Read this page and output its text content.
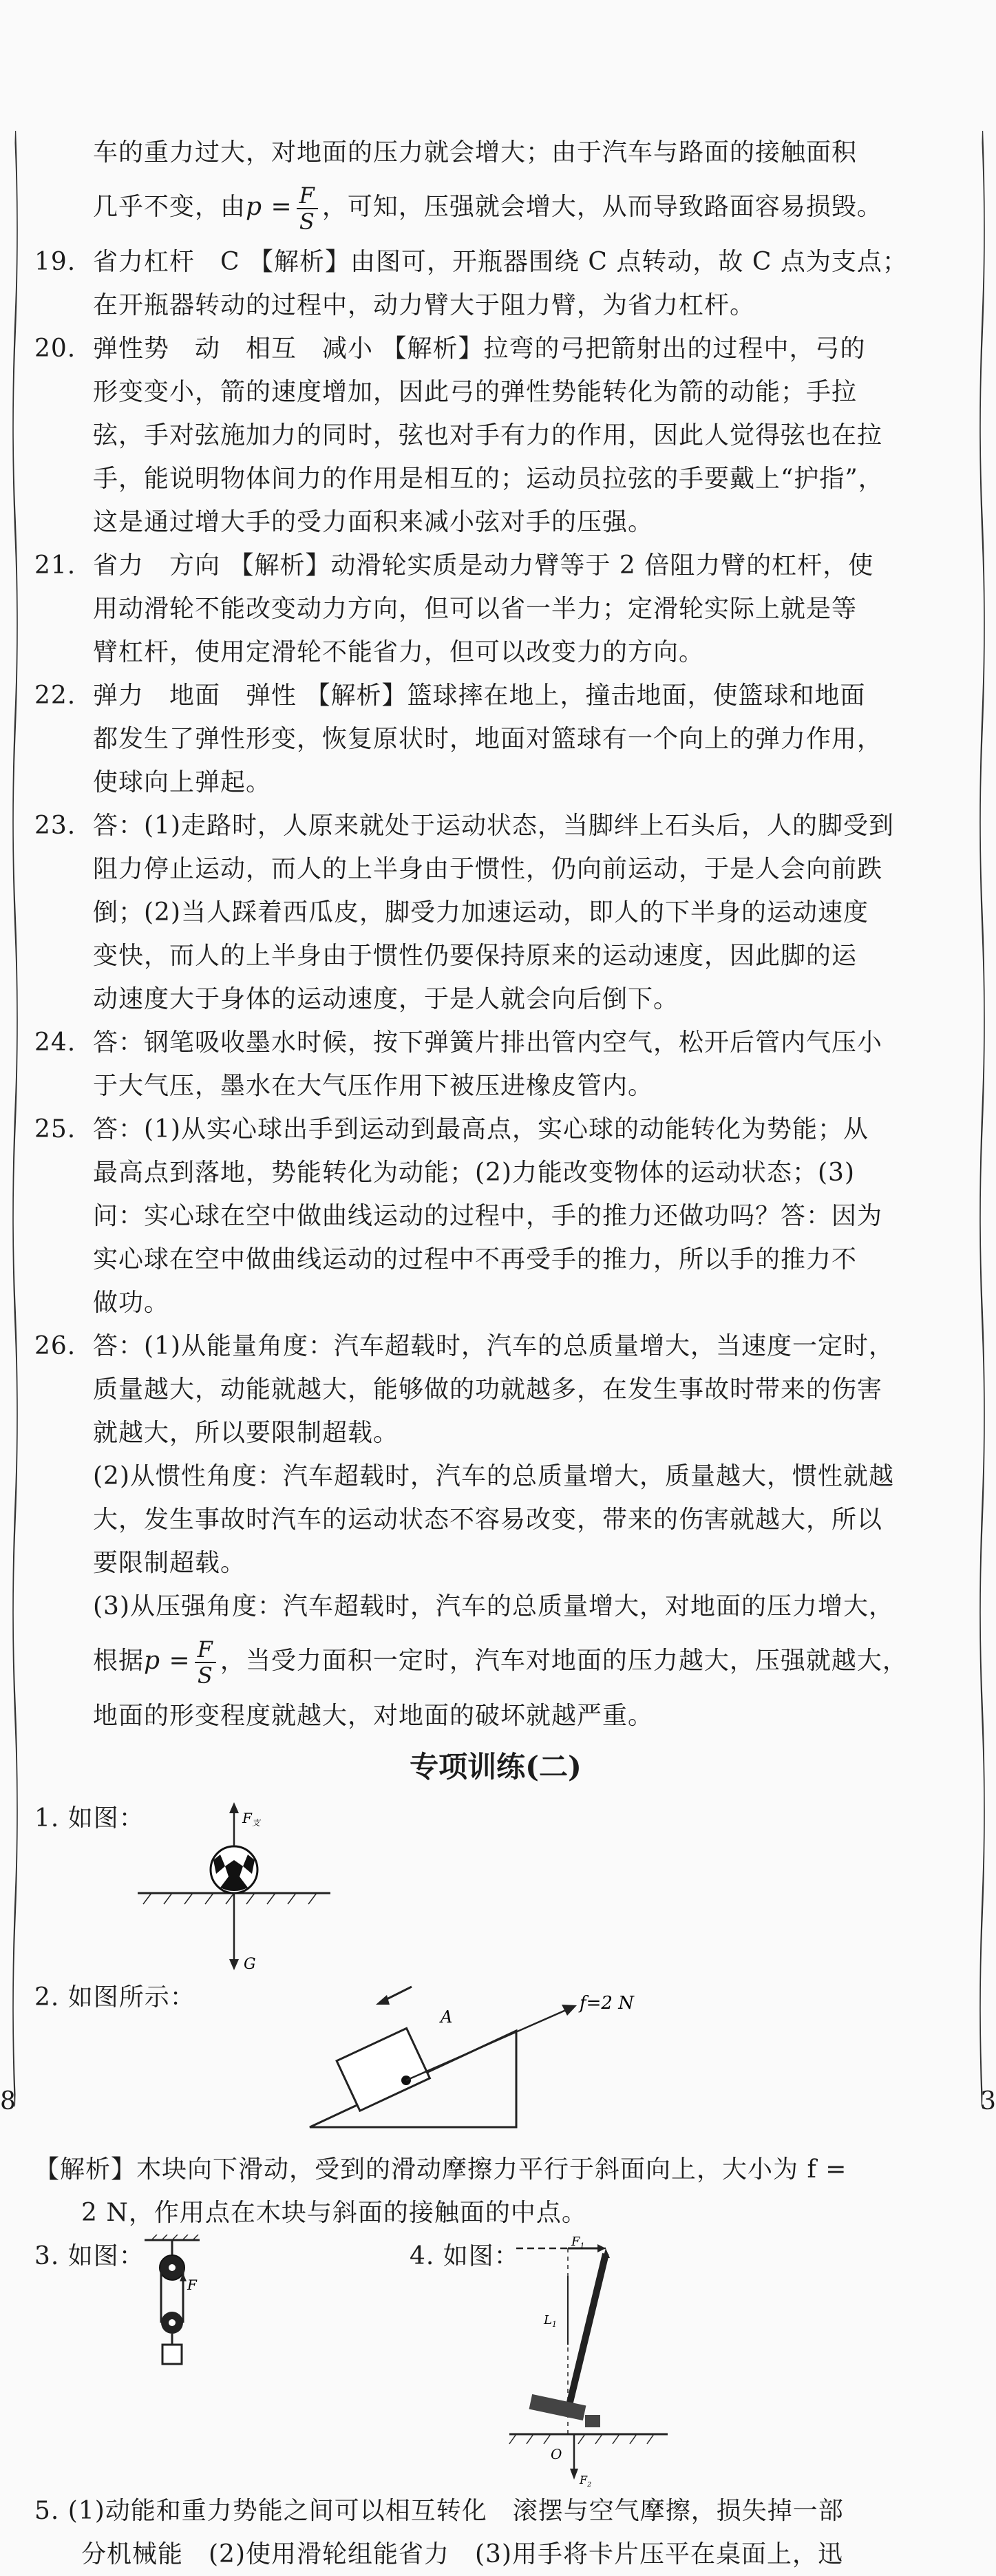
车的重力过大，对地面的压力就会增大；由于汽车与路面的接触面积
几乎不变，由$p = \frac{F}{S}$ ，可知，压强就会增大，从而导致路面容易损毁。
19. 省力杠杆　C 【解析】由图可，开瓶器围绕 C 点转动，故 C 点为支点；
在开瓶器转动的过程中，动力臂大于阻力臂，为省力杠杆。
20. 弹性势　动　相互　减小 【解析】拉弯的弓把箭射出的过程中，弓的
形变变小，箭的速度增加，因此弓的弹性势能转化为箭的动能；手拉
弦，手对弦施加力的同时，弦也对手有力的作用，因此人觉得弦也在拉
手，能说明物体间力的作用是相互的；运动员拉弦的手要戴上“护指”，
这是通过增大手的受力面积来减小弦对手的压强。
21. 省力　方向 【解析】动滑轮实质是动力臂等于 2 倍阻力臂的杠杆，使
用动滑轮不能改变动力方向，但可以省一半力；定滑轮实际上就是等
臂杠杆，使用定滑轮不能省力，但可以改变力的方向。
22. 弹力　地面　弹性 【解析】篮球摔在地上，撞击地面，使篮球和地面
都发生了弹性形变，恢复原状时，地面对篮球有一个向上的弹力作用，
使球向上弹起。
23. 答：(1)走路时，人原来就处于运动状态，当脚绊上石头后，人的脚受到
阻力停止运动，而人的上半身由于惯性，仍向前运动，于是人会向前跌
倒；(2)当人踩着西瓜皮，脚受力加速运动，即人的下半身的运动速度
变快，而人的上半身由于惯性仍要保持原来的运动速度，因此脚的运
动速度大于身体的运动速度，于是人就会向后倒下。
24. 答：钢笔吸收墨水时候，按下弹簧片排出管内空气，松开后管内气压小
于大气压，墨水在大气压作用下被压进橡皮管内。
25. 答：(1)从实心球出手到运动到最高点，实心球的动能转化为势能；从
最高点到落地，势能转化为动能；(2)力能改变物体的运动状态；(3)
问：实心球在空中做曲线运动的过程中，手的推力还做功吗？答：因为
实心球在空中做曲线运动的过程中不再受手的推力，所以手的推力不
做功。
26. 答：(1)从能量角度：汽车超载时，汽车的总质量增大，当速度一定时，
质量越大，动能就越大，能够做的功就越多，在发生事故时带来的伤害
就越大，所以要限制超载。
(2)从惯性角度：汽车超载时，汽车的总质量增大，质量越大，惯性就越
大，发生事故时汽车的运动状态不容易改变，带来的伤害就越大，所以
要限制超载。
(3)从压强角度：汽车超载时，汽车的总质量增大，对地面的压力增大，
根据$p = \frac{F}{S}$ ，当受力面积一定时，汽车对地面的压力越大，压强就越大，
地面的形变程度就越大，对地面的破坏就越严重。
专项训练(二)
1. 如图：	$F_支$
G
2. 如图所示：
A
f=2 N
【解析】木块向下滑动，受到的滑动摩擦力平行于斜面向上，大小为 f =
2 N，作用点在木块与斜面的接触面的中点。
3. 如图：
F
4. 如图：
$F_1$
$L_1$
O
$F_2$
5. (1)动能和重力势能之间可以相互转化　滚摆与空气摩擦，损失掉一部
分机械能　(2)使用滑轮组能省力　(3)用手将卡片压平在桌面上，迅
8	3
